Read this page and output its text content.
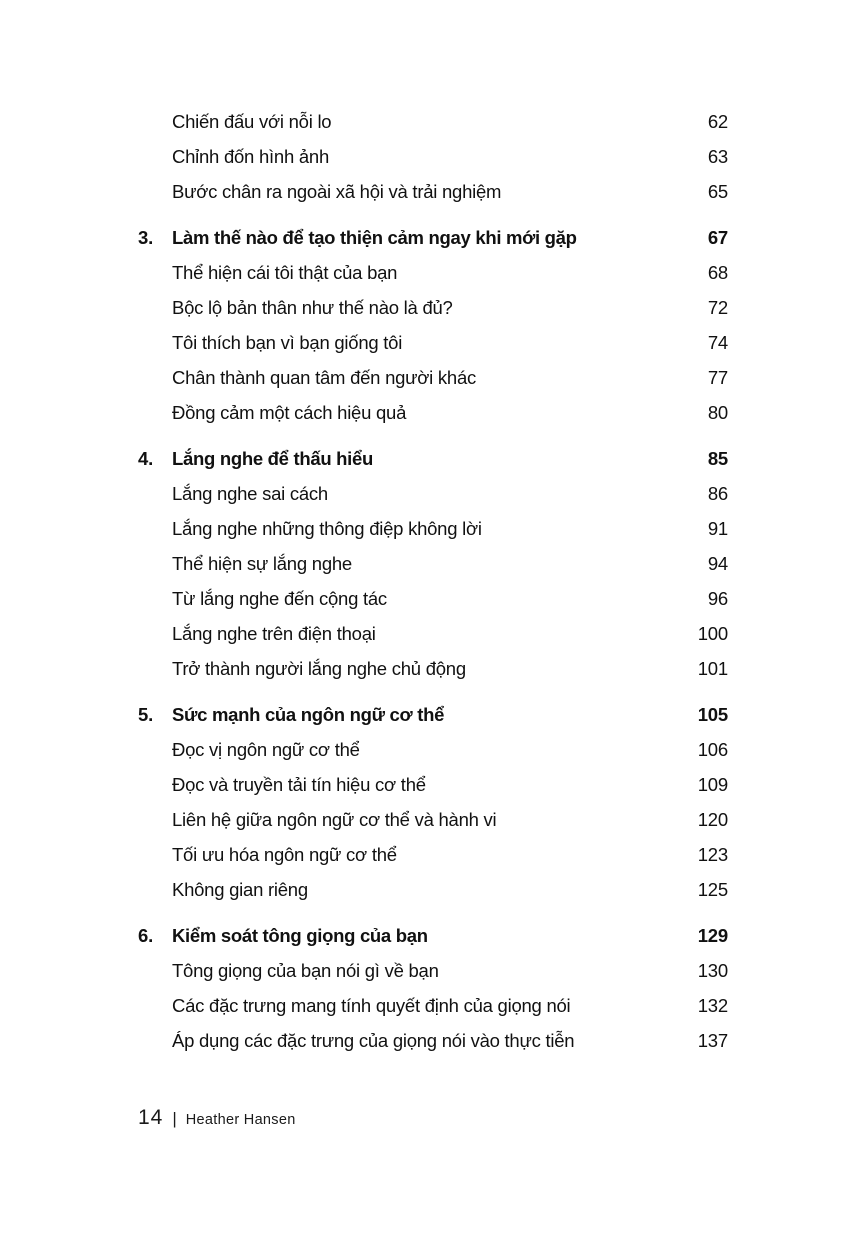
Chiến đấu với nỗi lo .....	62
Chỉnh đốn hình ảnh .....	63
Bước chân ra ngoài xã hội và trải nghiệm .....	65
3.	Làm thế nào để tạo thiện cảm ngay khi mới gặp .....	67
Thể hiện cái tôi thật của bạn .....	68
Bộc lộ bản thân như thế nào là đủ? .....	72
Tôi thích bạn vì bạn giống tôi .....	74
Chân thành quan tâm đến người khác .....	77
Đồng cảm một cách hiệu quả .....	80
4.	Lắng nghe để thấu hiểu .....	85
Lắng nghe sai cách .....	86
Lắng nghe những thông điệp không lời .....	91
Thể hiện sự lắng nghe .....	94
Từ lắng nghe đến cộng tác .....	96
Lắng nghe trên điện thoại .....	100
Trở thành người lắng nghe chủ động .....	101
5.	Sức mạnh của ngôn ngữ cơ thể .....	105
Đọc vị ngôn ngữ cơ thể .....	106
Đọc và truyền tải tín hiệu cơ thể .....	109
Liên hệ giữa ngôn ngữ cơ thể và hành vi .....	120
Tối ưu hóa ngôn ngữ cơ thể .....	123
Không gian riêng .....	125
6.	Kiểm soát tông giọng của bạn .....	129
Tông giọng của bạn nói gì về bạn .....	130
Các đặc trưng mang tính quyết định của giọng nói .....	132
Áp dụng các đặc trưng của giọng nói vào thực tiễn .....	137
14 | Heather Hansen
